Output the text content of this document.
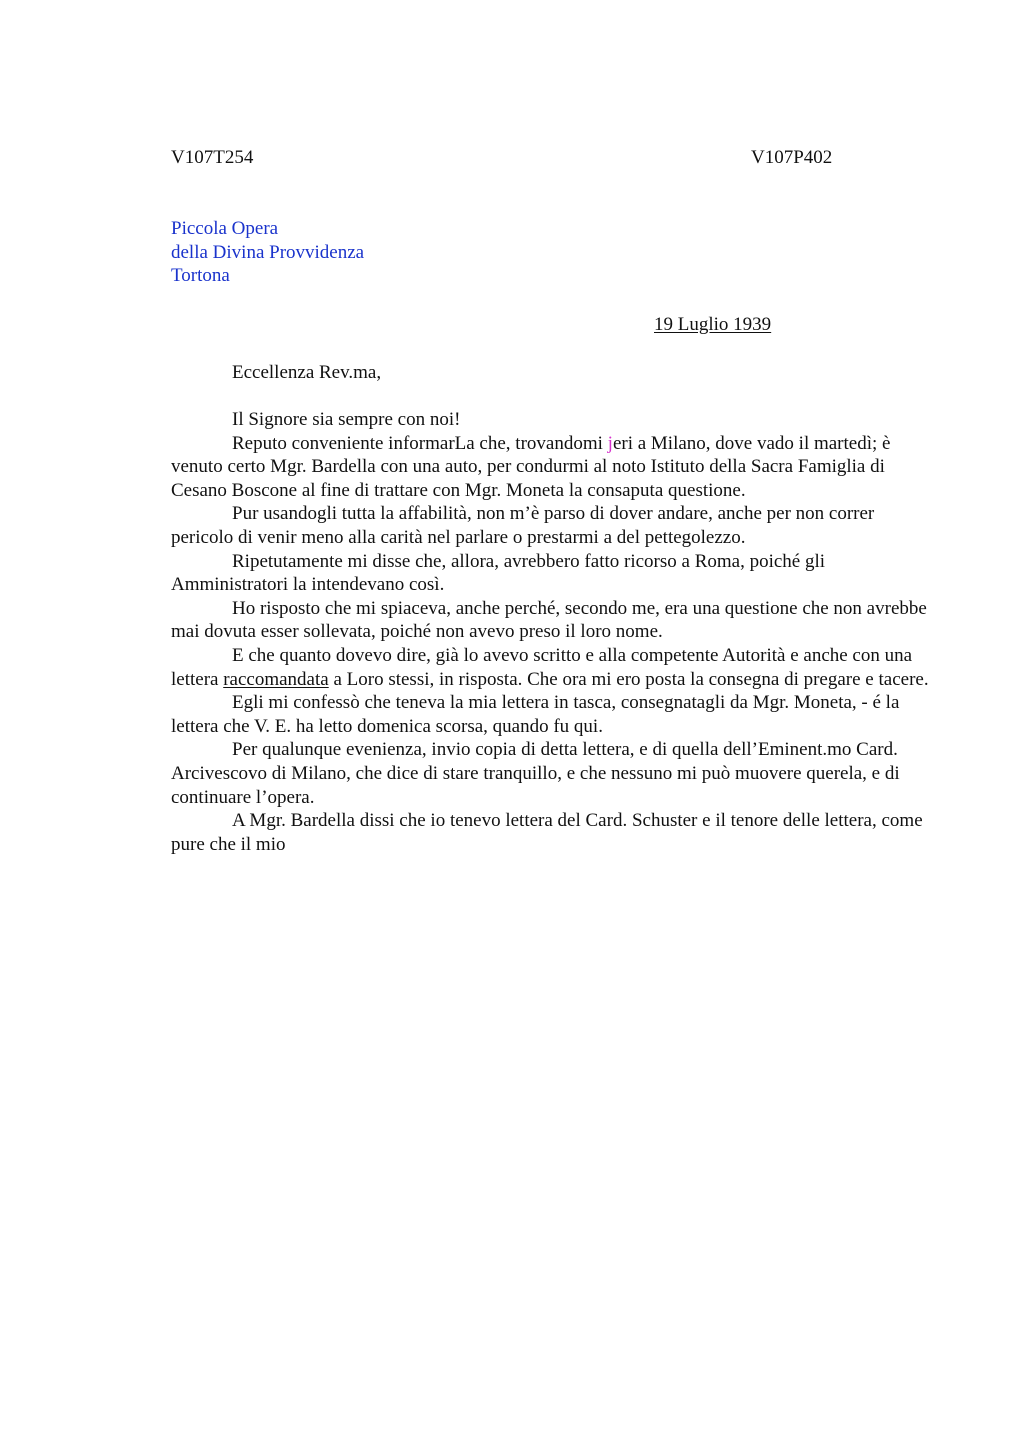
V107T254	V107P402
Piccola Opera
della Divina Provvidenza
Tortona
19 Luglio 1939
Eccellenza Rev.ma,

Il Signore sia sempre con noi!

Reputo conveniente informarLa che, trovandomi jeri a Milano, dove vado il martedì; è venuto certo Mgr. Bardella con una auto, per condurmi al noto Istituto della Sacra Famiglia di Cesano Boscone al fine di trattare con Mgr. Moneta la consaputa questione.

Pur usandogli tutta la affabilità, non m’è parso di dover andare, anche per non correr pericolo di venir meno alla carità nel parlare o prestarmi a del pettegolezzo.

Ripetutamente mi disse che, allora, avrebbero fatto ricorso a Roma, poiché gli Amministratori la intendevano così.

Ho risposto che mi spiaceva, anche perché, secondo me, era una questione che non avrebbe mai dovuta esser sollevata, poiché non avevo preso il loro nome.

E che quanto dovevo dire, già lo avevo scritto e alla competente Autorità e anche con una lettera raccomandata a Loro stessi, in risposta. Che ora mi ero posta la consegna di pregare e tacere.

Egli mi confessò che teneva la mia lettera in tasca, consegnatagli da Mgr. Moneta, - é la lettera che V. E. ha letto domenica scorsa, quando fu qui.

Per qualunque evenienza, invio copia di detta lettera, e di quella dell’Eminent.mo Card. Arcivescovo di Milano, che dice di stare tranquillo, e che nessuno mi può muovere querela, e di continuare l’opera.

A Mgr. Bardella dissi che io tenevo lettera del Card. Schuster e il tenore delle lettera, come pure che il mio
